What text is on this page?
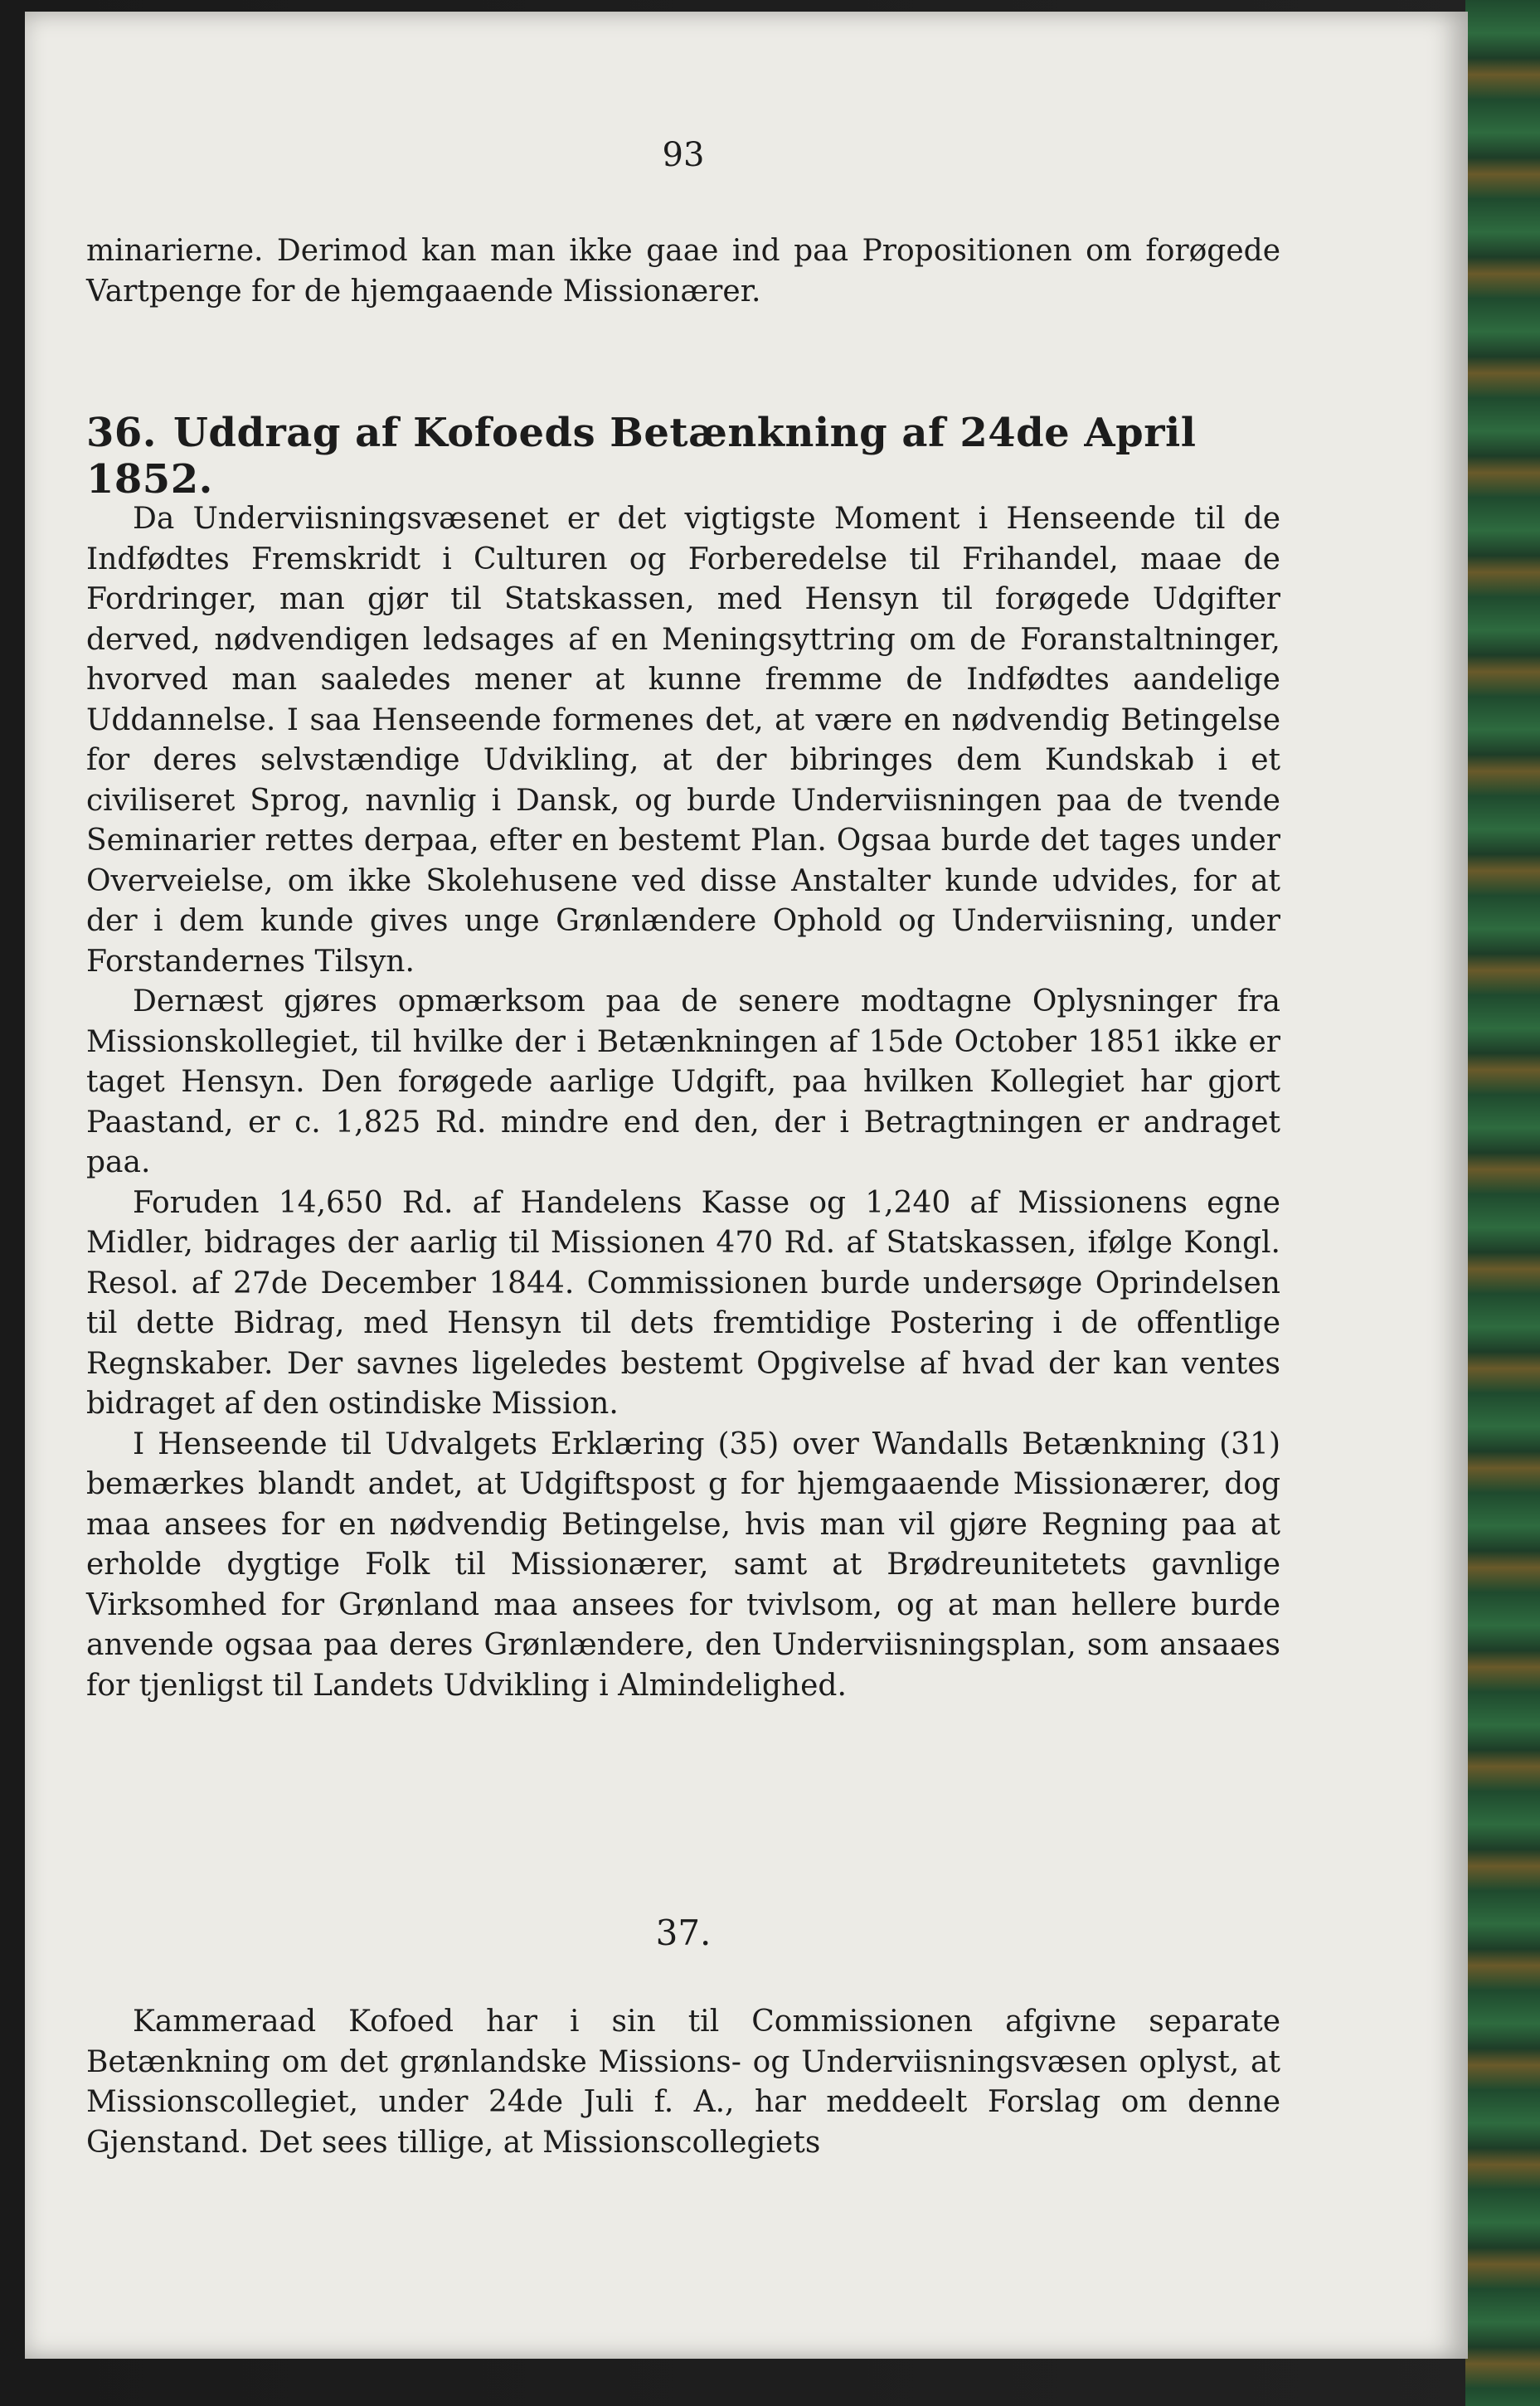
93

minarierne. Derimod kan man ikke gaae ind paa Propositionen om forøgede Vartpenge for de hjemgaaende Missionærer.

36. Uddrag af Kofoeds Betænkning af 24de April 1852.

Da Underviisningsvæsenet er det vigtigste Moment i Henseende til de Indfødtes Fremskridt i Culturen og Forberedelse til Frihandel, maae de Fordringer, man gjør til Statskassen, med Hensyn til forøgede Udgifter derved, nødvendigen ledsages af en Meningsyttring om de Foranstaltninger, hvorved man saaledes mener at kunne fremme de Indfødtes aandelige Uddannelse. I saa Henseende formenes det, at være en nødvendig Betingelse for deres selvstændige Udvikling, at der bibringes dem Kundskab i et civiliseret Sprog, navnlig i Dansk, og burde Underviisningen paa de tvende Seminarier rettes derpaa, efter en bestemt Plan. Ogsaa burde det tages under Overveielse, om ikke Skolehusene ved disse Anstalter kunde udvides, for at der i dem kunde gives unge Grønlændere Ophold og Underviisning, under Forstandernes Tilsyn.

Dernæst gjøres opmærksom paa de senere modtagne Oplysninger fra Missionskollegiet, til hvilke der i Betænkningen af 15de October 1851 ikke er taget Hensyn. Den forøgede aarlige Udgift, paa hvilken Kollegiet har gjort Paastand, er c. 1,825 Rd. mindre end den, der i Betragtningen er andraget paa.

Foruden 14,650 Rd. af Handelens Kasse og 1,240 af Missionens egne Midler, bidrages der aarlig til Missionen 470 Rd. af Statskassen, ifølge Kongl. Resol. af 27de December 1844. Commissionen burde undersøge Oprindelsen til dette Bidrag, med Hensyn til dets fremtidige Postering i de offentlige Regnskaber. Der savnes ligeledes bestemt Opgivelse af hvad der kan ventes bidraget af den ostindiske Mission.

I Henseende til Udvalgets Erklæring (35) over Wandalls Betænkning (31) bemærkes blandt andet, at Udgiftspost g for hjemgaaende Missionærer, dog maa ansees for en nødvendig Betingelse, hvis man vil gjøre Regning paa at erholde dygtige Folk til Missionærer, samt at Brødreunitetets gavnlige Virksomhed for Grønland maa ansees for tvivlsom, og at man hellere burde anvende ogsaa paa deres Grønlændere, den Underviisningsplan, som ansaaes for tjenligst til Landets Udvikling i Almindelighed.

37.

Kammeraad Kofoed har i sin til Commissionen afgivne separate Betænkning om det grønlandske Missions- og Underviisningsvæsen oplyst, at Missionscollegiet, under 24de Juli f. A., har meddeelt Forslag om denne Gjenstand. Det sees tillige, at Missionscollegiets
